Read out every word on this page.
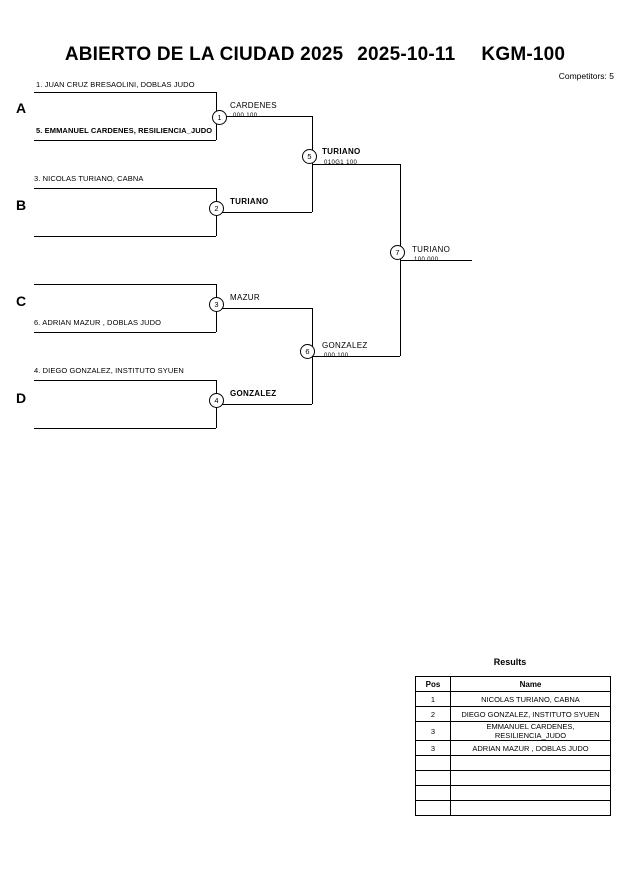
ABIERTO DE LA CIUDAD 2025 2025-10-11 KGM-100
Competitors: 5
A
B
C
D
1. JUAN CRUZ BRESAOLINI, DOBLAS JUDO
5. EMMANUEL CARDENES, RESILIENCIA_JUDO
3. NICOLAS TURIANO, CABNA
6. ADRIAN MAZUR , DOBLAS JUDO
4. DIEGO GONZALEZ, INSTITUTO SYUEN
1
CARDENES
000 100
2
TURIANO
3
MAZUR
4
GONZALEZ
5
TURIANO
010G1 100
6
GONZALEZ
000 100
7	TURIANO
100 000
Results
Pos	Name
1	NICOLAS TURIANO, CABNA
2	DIEGO GONZALEZ, INSTITUTO SYUEN
3	EMMANUEL CARDENES, RESILIENCIA_JUDO
3	ADRIAN MAZUR , DOBLAS JUDO
